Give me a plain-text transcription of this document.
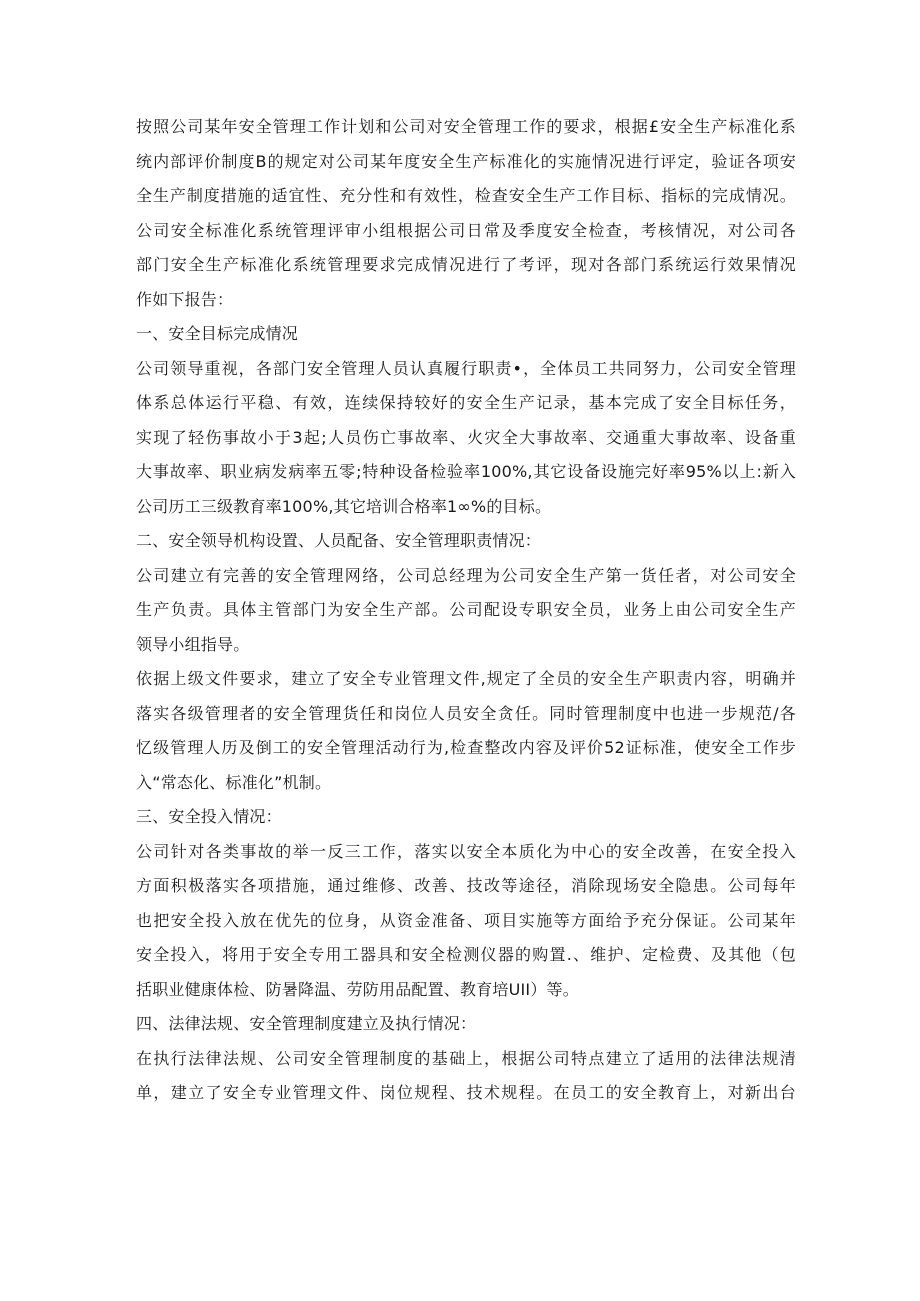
按照公司某年安全管理工作计划和公司对安全管理工作的要求，根据£安全生产标准化系
统内部评价制度B的规定对公司某年度安全生产标准化的实施情况进行评定，验证各项安
全生产制度措施的适宜性、充分性和有效性，检查安全生产工作目标、指标的完成情况。
公司安全标准化系统管理评审小组根据公司日常及季度安全检查，考核情况，对公司各
部门安全生产标准化系统管理要求完成情况进行了考评，现对各部门系统运行效果情况
作如下报告：
一、安全目标完成情况
公司领导重视，各部门安全管理人员认真履行职责•，全体员工共同努力，公司安全管理
体系总体运行平稳、有效，连续保持较好的安全生产记录，基本完成了安全目标任务，
实现了轻伤事故小于3起;人员伤亡事故率、火灾全大事故率、交通重大事故率、设备重
大事故率、职业病发病率五零;特种设备检验率100%,其它设备设施完好率95%以上:新入
公司历工三级教育率100%,其它培训合格率1∞%的目标。
二、安全领导机构设置、人员配备、安全管理职责情况：
公司建立有完善的安全管理网络，公司总经理为公司安全生产第一货任者，对公司安全
生产负责。具体主管部门为安全生产部。公司配设专职安全员，业务上由公司安全生产
领导小组指导。
依据上级文件要求，建立了安全专业管理文件,规定了全员的安全生产职责内容，明确并
落实各级管理者的安全管理货任和岗位人员安全贪任。同时管理制度中也进一步规范/各
忆级管理人历及倒工的安全管理活动行为,检查整改内容及评价52证标准，使安全工作步
入“常态化、标准化”机制。
三、安全投入情况：
公司针对各类事故的举一反三工作，落实以安全本质化为中心的安全改善，在安全投入
方面积极落实各项措施，通过维修、改善、技改等途径，消除现场安全隐患。公司每年
也把安全投入放在优先的位身，从资金准备、项目实施等方面给予充分保证。公司某年
安全投入，将用于安全专用工器具和安全检测仪器的购置.、维护、定检费、及其他（包
括职业健康体检、防暑降温、劳防用品配置、教育培UII）等。
四、法律法规、安全管理制度建立及执行情况：
在执行法律法规、公司安全管理制度的基础上，根据公司特点建立了适用的法律法规清
单，建立了安全专业管理文件、岗位规程、技术规程。在员工的安全教育上，对新出台
